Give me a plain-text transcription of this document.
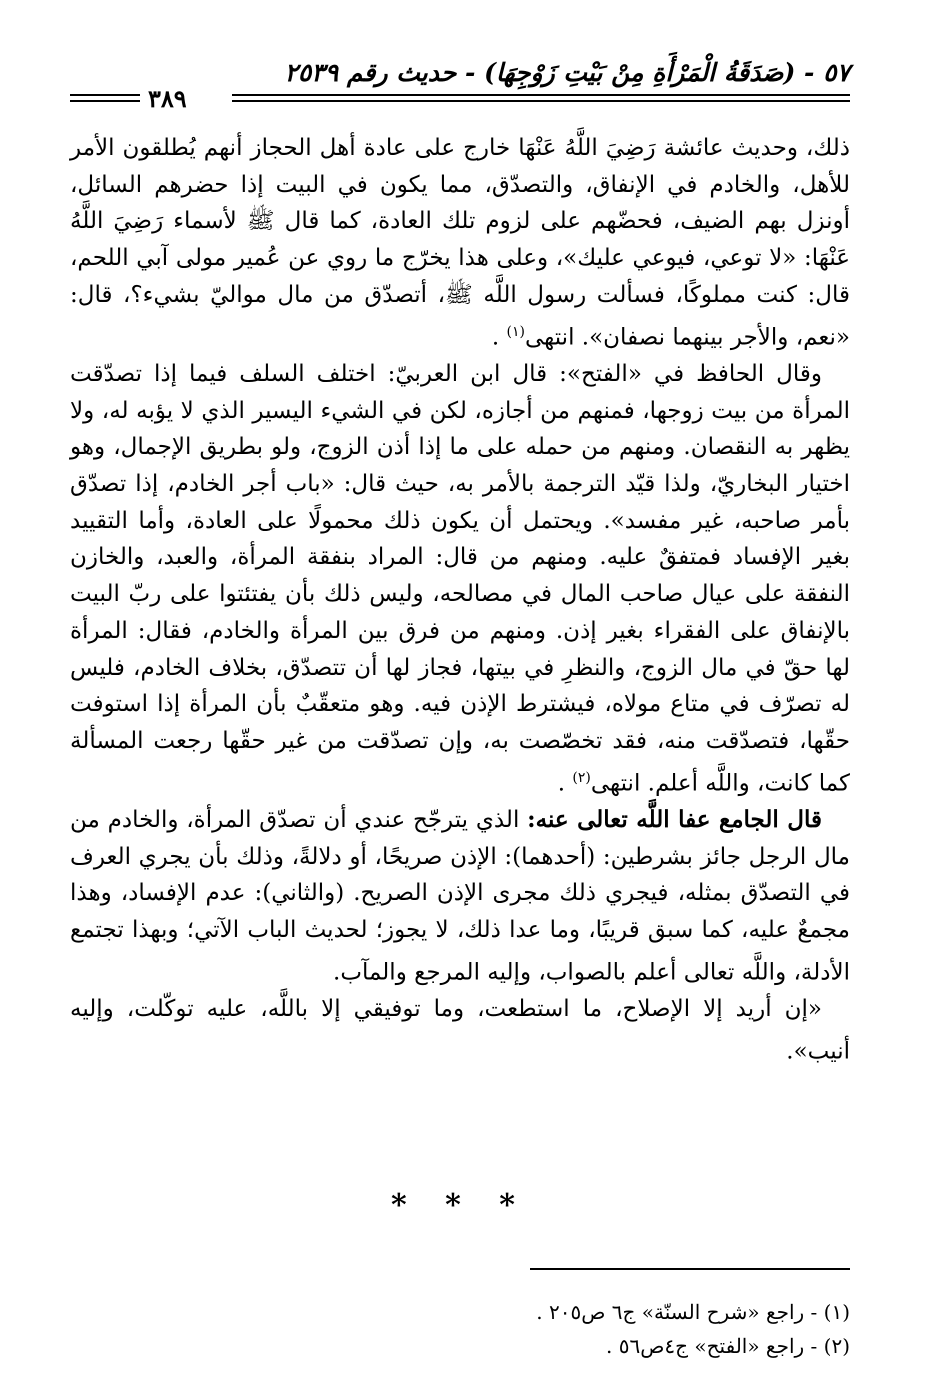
٥٧ - (صَدَقَةُ الْمَرْأَةِ مِنْ بَيْتِ زَوْجِهَا) - حديث رقم ٢٥٣٩
٣٨٩

ذلك، وحديث عائشة رَضِيَ اللَّهُ عَنْهَا خارج على عادة أهل الحجاز أنهم يُطلقون الأمر للأهل، والخادم في الإنفاق، والتصدّق، مما يكون في البيت إذا حضرهم السائل، أونزل بهم الضيف، فحضّهم على لزوم تلك العادة، كما قال ﷺ لأسماء رَضِيَ اللَّهُ عَنْهَا: «لا توعي، فيوعي عليك»، وعلى هذا يخرّج ما روي عن عُمير مولى آبي اللحم، قال: كنت مملوكًا، فسألت رسول اللَّه ﷺ، أتصدّق من مال مواليّ بشيء؟، قال: «نعم، والأجر بينهما نصفان». انتهى$^{(١)}$ .

وقال الحافظ في «الفتح»: قال ابن العربيّ: اختلف السلف فيما إذا تصدّقت المرأة من بيت زوجها، فمنهم من أجازه، لكن في الشيء اليسير الذي لا يؤبه له، ولا يظهر به النقصان. ومنهم من حمله على ما إذا أذن الزوج، ولو بطريق الإجمال، وهو اختيار البخاريّ، ولذا قيّد الترجمة بالأمر به، حيث قال: «باب أجر الخادم، إذا تصدّق بأمر صاحبه، غير مفسد». ويحتمل أن يكون ذلك محمولًا على العادة، وأما التقييد بغير الإفساد فمتفقٌ عليه. ومنهم من قال: المراد بنفقة المرأة، والعبد، والخازن النفقة على عيال صاحب المال في مصالحه، وليس ذلك بأن يفتئتوا على ربّ البيت بالإنفاق على الفقراء بغير إذن. ومنهم من فرق بين المرأة والخادم، فقال: المرأة لها حقّ في مال الزوج، والنظرِ في بيتها، فجاز لها أن تتصدّق، بخلاف الخادم، فليس له تصرّف في متاع مولاه، فيشترط الإذن فيه. وهو متعقّبٌ بأن المرأة إذا استوفت حقّها، فتصدّقت منه، فقد تخصّصت به، وإن تصدّقت من غير حقّها رجعت المسألة كما كانت، واللَّه أعلم. انتهى$^{(٢)}$ .

قال الجامع عفا اللَّه تعالى عنه: الذي يترجّح عندي أن تصدّق المرأة، والخادم من مال الرجل جائز بشرطين: (أحدهما): الإذن صريحًا، أو دلالةً، وذلك بأن يجري العرف في التصدّق بمثله، فيجري ذلك مجرى الإذن الصريح. (والثاني): عدم الإفساد، وهذا مجمعٌ عليه، كما سبق قريبًا، وما عدا ذلك، لا يجوز؛ لحديث الباب الآتي؛ وبهذا تجتمع الأدلة، واللَّه تعالى أعلم بالصواب، وإليه المرجع والمآب.

«إن أريد إلا الإصلاح، ما استطعت، وما توفيقي إلا باللَّه، عليه توكّلت، وإليه أنيب».

* * *

(١) - راجع «شرح السنّة» ج٦ ص٢٠٥ .

(٢) - راجع «الفتح» ج٤ص٥٦ .
